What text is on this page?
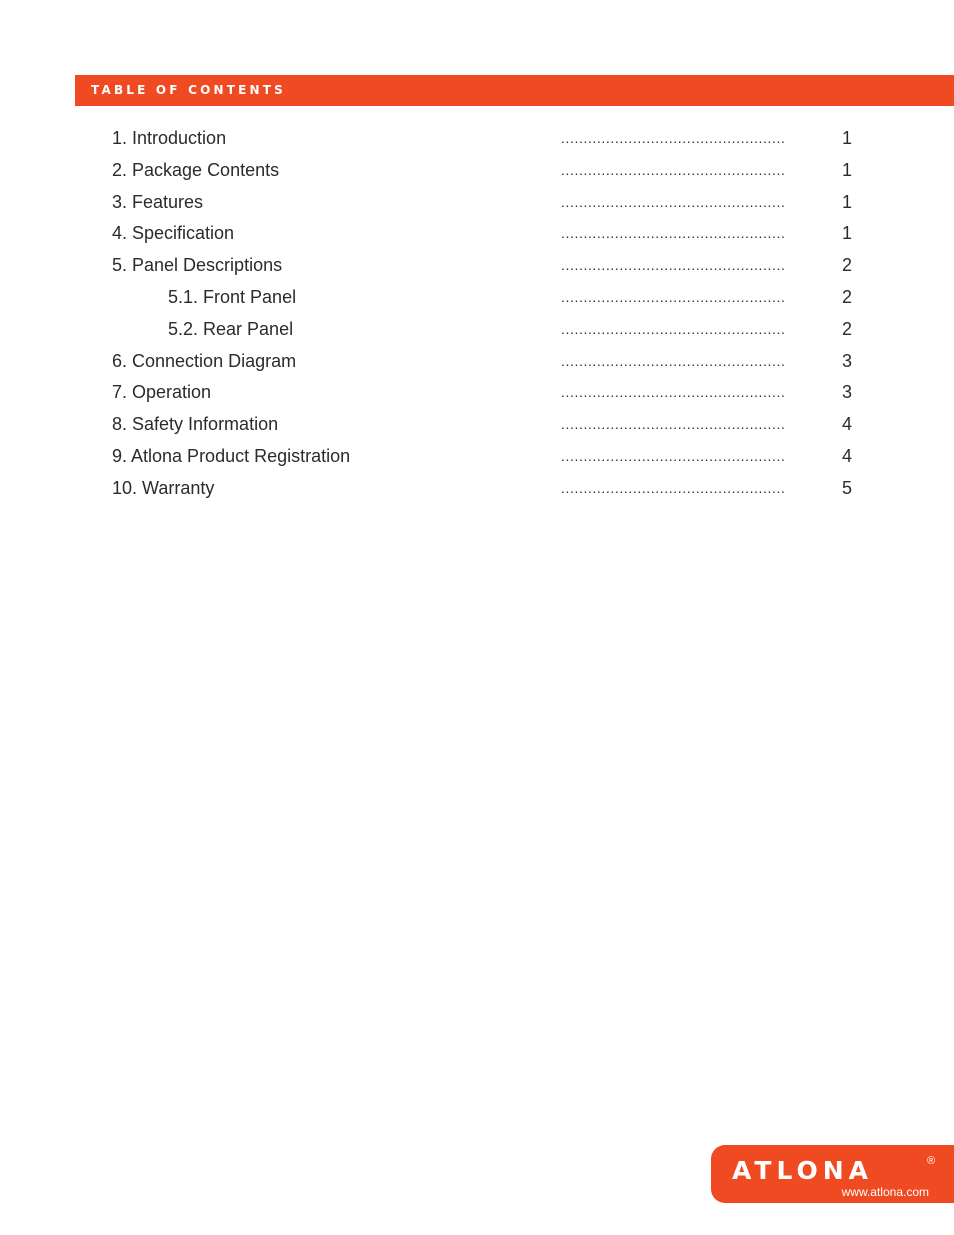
TABLE OF CONTENTS
1. Introduction	..................................................	1
2. Package Contents	..................................................	1
3. Features	..................................................	1
4. Specification	..................................................	1
5. Panel Descriptions	..................................................	2
5.1. Front Panel	..................................................	2
5.2. Rear Panel	..................................................	2
6. Connection Diagram	..................................................	3
7. Operation	..................................................	3
8. Safety Information	..................................................	4
9. Atlona Product Registration	..................................................	4
10. Warranty	..................................................	5
ATLONA	®
www.atlona.com
